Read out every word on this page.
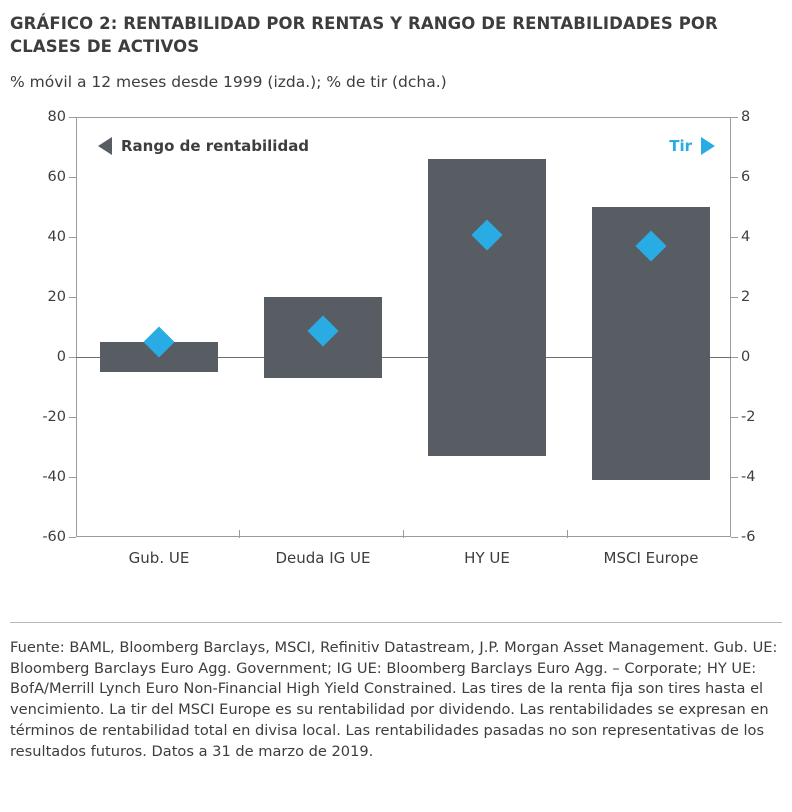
GRÁFICO 2: RENTABILIDAD POR RENTAS Y RANGO DE RENTABILIDADES POR CLASES DE ACTIVOS
% móvil a 12 meses desde 1999 (izda.); % de tir (dcha.)
80
60
40
20
0
-20
-40
-60
8
6
4
2
0
-2
-4
-6
Rango de rentabilidad	Tir
Gub. UE	Deuda IG UE	HY UE	MSCI Europe
Fuente: BAML, Bloomberg Barclays, MSCI, Refinitiv Datastream, J.P. Morgan Asset Management. Gub. UE: Bloomberg Barclays Euro Agg. Government; IG UE: Bloomberg Barclays Euro Agg. – Corporate; HY UE: BofA/Merrill Lynch Euro Non-Financial High Yield Constrained. Las tires de la renta fija son tires hasta el vencimiento. La tir del MSCI Europe es su rentabilidad por dividendo. Las rentabilidades se expresan en términos de rentabilidad total en divisa local. Las rentabilidades pasadas no son representativas de los resultados futuros. Datos a 31 de marzo de 2019.
